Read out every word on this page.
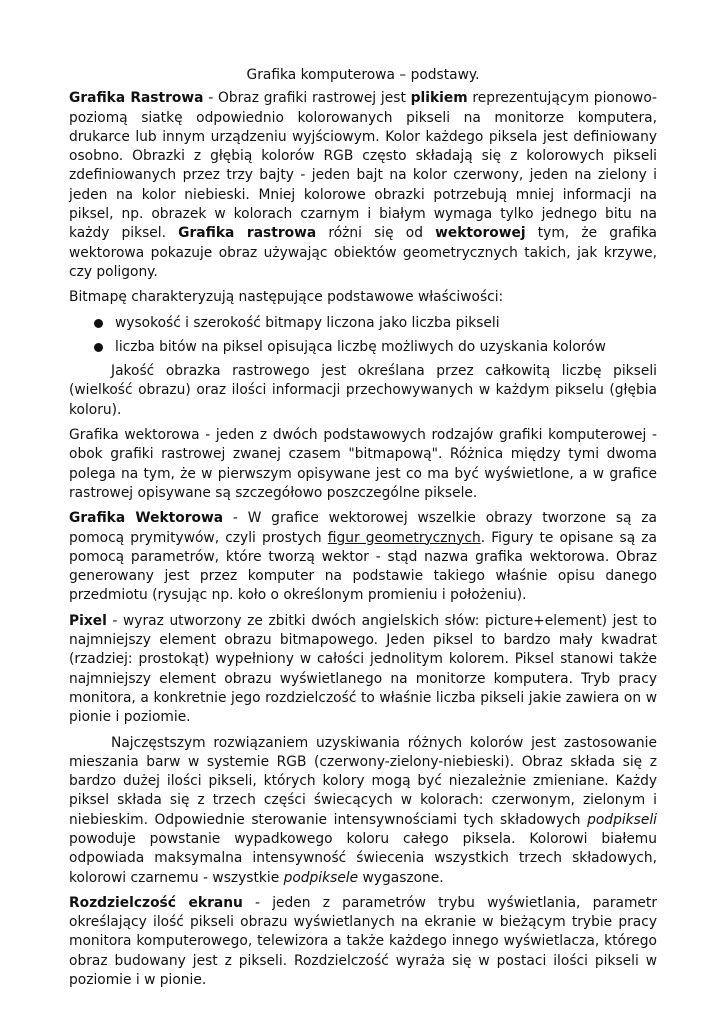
Grafika komputerowa – podstawy.

Grafika Rastrowa - Obraz grafiki rastrowej jest plikiem reprezentującym pionowo-poziomą siatkę odpowiednio kolorowanych pikseli na monitorze komputera, drukarce lub innym urządzeniu wyjściowym. Kolor każdego piksela jest definiowany osobno. Obrazki z głębią kolorów RGB często składają się z kolorowych pikseli zdefiniowanych przez trzy bajty - jeden bajt na kolor czerwony, jeden na zielony i jeden na kolor niebieski. Mniej kolorowe obrazki potrzebują mniej informacji na piksel, np. obrazek w kolorach czarnym i białym wymaga tylko jednego bitu na każdy piksel. Grafika rastrowa różni się od wektorowej tym, że grafika wektorowa pokazuje obraz używając obiektów geometrycznych takich, jak krzywe, czy poligony.

Bitmapę charakteryzują następujące podstawowe właściwości:

wysokość i szerokość bitmapy liczona jako liczba pikseli
liczba bitów na piksel opisująca liczbę możliwych do uzyskania kolorów

Jakość obrazka rastrowego jest określana przez całkowitą liczbę pikseli (wielkość obrazu) oraz ilości informacji przechowywanych w każdym pikselu (głębia koloru).

Grafika wektorowa - jeden z dwóch podstawowych rodzajów grafiki komputerowej - obok grafiki rastrowej zwanej czasem "bitmapową". Różnica między tymi dwoma polega na tym, że w pierwszym opisywane jest co ma być wyświetlone, a w grafice rastrowej opisywane są szczegółowo poszczególne piksele.

Grafika Wektorowa - W grafice wektorowej wszelkie obrazy tworzone są za pomocą prymitywów, czyli prostych figur geometrycznych. Figury te opisane są za pomocą parametrów, które tworzą wektor - stąd nazwa grafika wektorowa. Obraz generowany jest przez komputer na podstawie takiego właśnie opisu danego przedmiotu (rysując np. koło o określonym promieniu i położeniu).

Pixel - wyraz utworzony ze zbitki dwóch angielskich słów: picture+element) jest to najmniejszy element obrazu bitmapowego. Jeden piksel to bardzo mały kwadrat (rzadziej: prostokąt) wypełniony w całości jednolitym kolorem. Piksel stanowi także najmniejszy element obrazu wyświetlanego na monitorze komputera. Tryb pracy monitora, a konkretnie jego rozdzielczość to właśnie liczba pikseli jakie zawiera on w pionie i poziomie.

Najczęstszym rozwiązaniem uzyskiwania różnych kolorów jest zastosowanie mieszania barw w systemie RGB (czerwony-zielony-niebieski). Obraz składa się z bardzo dużej ilości pikseli, których kolory mogą być niezależnie zmieniane. Każdy piksel składa się z trzech części świecących w kolorach: czerwonym, zielonym i niebieskim. Odpowiednie sterowanie intensywnościami tych składowych podpikseli powoduje powstanie wypadkowego koloru całego piksela. Kolorowi białemu odpowiada maksymalna intensywność świecenia wszystkich trzech składowych, kolorowi czarnemu - wszystkie podpiksele wygaszone.

Rozdzielczość ekranu - jeden z parametrów trybu wyświetlania, parametr określający ilość pikseli obrazu wyświetlanych na ekranie w bieżącym trybie pracy monitora komputerowego, telewizora a także każdego innego wyświetlacza, którego obraz budowany jest z pikseli. Rozdzielczość wyraża się w postaci ilości pikseli w poziomie i w pionie.
